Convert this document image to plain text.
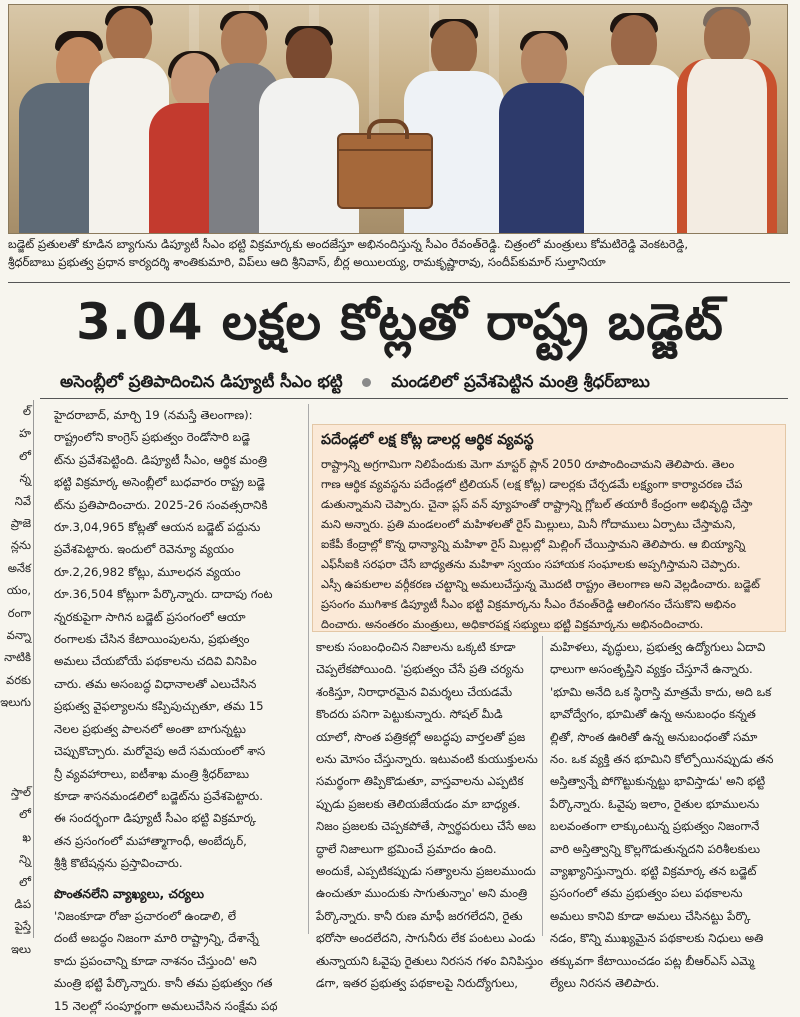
బడ్జెట్ ప్రతులతో కూడిన బ్యాగును డిప్యూటీ సీఎం భట్టి విక్రమార్కకు అందజేస్తూ అభినందిస్తున్న సీఎం రేవంత్‌రెడ్డి. చిత్రంలో మంత్రులు కోమటిరెడ్డి వెంకటరెడ్డి,
శ్రీధర్‌బాబు ప్రభుత్వ ప్రధాన కార్యదర్శి శాంతికుమారి, విప్‌లు ఆది శ్రీనివాస్, బీర్ల అయిలయ్య, రామకృష్ణారావు, సందీప్‌కుమార్ సుల్తానియా
3.04 లక్షల కోట్లతో రాష్ట్ర బడ్జెట్
అసెంబ్లీలో ప్రతిపాదించిన డిప్యూటీ సీఎం భట్టి	మండలిలో ప్రవేశపెట్టిన మంత్రి శ్రీధర్‌బాబు
ల్
హ
లో
న్న
నివే
ప్రాజె
న్లను
అనేక
యం,
రంగా
వన్నా
నాటికి
వరకు
ఇలుగు

స్తాల్
లో
ఖ
న్ని
లో
డిప
పైస్తే
ఇలు
హైదరాబాద్, మార్చి 19 (నమస్తే తెలంగాణ):
రాష్ట్రంలోని కాంగ్రెస్ ప్రభుత్వం రెండోసారి బడ్జె
ట్‌ను ప్రవేశపెట్టింది. డిప్యూటీ సీఎం, ఆర్థిక మంత్రి
భట్టి విక్రమార్క అసెంబ్లీలో బుధవారం రాష్ట్ర బడ్జె
ట్‌ను ప్రతిపాదించారు. 2025-26 సంవత్సరానికి
రూ.3,04,965 కోట్లతో ఆయన బడ్జెట్ పద్దును
ప్రవేశపెట్టారు. ఇందులో రెవెన్యూ వ్యయం
రూ.2,26,982 కోట్లు, మూలధన వ్యయం
రూ.36,504 కోట్లుగా పేర్కొన్నారు. దాదాపు గంట
న్నరకుపైగా సాగిన బడ్జెట్ ప్రసంగంలో ఆయా
రంగాలకు చేసిన కేటాయింపులను, ప్రభుత్వం
అమలు చేయబోయే పథకాలను చదివి వినిపిం
చారు. తమ అసంబద్ధ విధానాలతో ఎలుచేసిన
ప్రభుత్వ వైఫల్యాలను కప్పిపుచ్చుతూ, తమ 15
నెలల ప్రభుత్వ పాలనలో అంతా బాగున్నట్టు
చెప్పుకొచ్చారు. మరోవైపు అదే సమయంలో శాస
న్రీ వ్యవహారాలు, ఐటీశాఖ మంత్రి శ్రీధర్‌బాబు
కూడా శాసనమండలిలో బడ్జెట్‌ను ప్రవేశపెట్టారు.
ఈ సందర్భంగా డిప్యూటీ సీఎం భట్టి విక్రమార్క
తన ప్రసంగంలో మహాత్మాగాంధీ, అంబేద్కర్,
శ్రీశ్రీ కొటేషన్లను ప్రస్తావించారు.
పొంతనలేని వ్యాఖ్యలు, చర్యలు
'నిజంకూడా రోజా ప్రచారంలో ఉండాలి, లే
దంటే అబద్ధం నిజంగా మారి రాష్ట్రాన్ని, దేశాన్నే
కాదు ప్రపంచాన్ని కూడా నాశనం చేస్తుంది' అని
మంత్రి భట్టి పేర్కొన్నారు. కానీ తమ ప్రభుత్వం గత
15 నెలల్లో సంపూర్ణంగా అమలుచేసిన సంక్షేమ పథ
పదేండ్లలో లక్ష కోట్ల డాలర్ల ఆర్థిక వ్యవస్థ
రాష్ట్రాన్ని అగ్రగామిగా నిలిపేందుకు మెగా మాస్టర్ ప్లాన్ 2050 రూపొందించామని తెలిపారు. తెలం
గాణ ఆర్థిక వ్యవస్థను పదేండ్లలో ట్రిలియన్ (లక్ష కోట్ల) డాలర్లకు చేర్చడమే లక్ష్యంగా కార్యాచరణ చేప
డుతున్నామని చెప్పారు. చైనా ప్లస్ వన్ వ్యూహంతో రాష్ట్రాన్ని గ్లోబల్ తయారీ కేంద్రంగా అభివృద్ధి చేస్తా
మని అన్నారు. ప్రతి మండలంలో మహిళలతో రైస్ మిల్లులు, మినీ గోదాములు ఏర్పాటు చేస్తామని,
ఐకేపీ కేంద్రాల్లో కొన్న ధాన్యాన్ని మహిళా రైస్ మిల్లుల్లో మిల్లింగ్ చేయిస్తామని తెలిపారు. ఆ బియ్యాన్ని
ఎఫ్‌సీఐకి సరఫరా చేసే బాధ్యతను మహిళా స్వయం సహాయక సంఘాలకు అప్పగిస్తామని చెప్పారు.
ఎస్సీ ఉపకులాల వర్గీకరణ చట్టాన్ని అమలుచేస్తున్న మొదటి రాష్ట్రం తెలంగాణ అని వెల్లడించారు. బడ్జెట్
ప్రసంగం ముగిశాక డిప్యూటీ సీఎం భట్టి విక్రమార్కను సీఎం రేవంత్‌రెడ్డి ఆలింగనం చేసుకొని అభినం
దించారు. అనంతరం మంత్రులు, అధికారపక్ష సభ్యులు భట్టి విక్రమార్కను అభినందించారు.
కాలకు సంబంధించిన నిజాలను ఒక్కటి కూడా
చెప్పలేకపోయింది. 'ప్రభుత్వం చేసే ప్రతి చర్యను
శంకిస్తూ, నిరాధారమైన విమర్శలు చేయడమే
కొందరు పనిగా పెట్టుకున్నారు. సోషల్ మీడి
యాలో, సొంత పత్రికల్లో అబద్ధపు వార్తలతో ప్రజ
లను మోసం చేస్తున్నారు. ఇటువంటి కుయుక్తులను
సమర్థంగా తిప్పికొడుతూ, వాస్తవాలను ఎప్పటిక
ప్పుడు ప్రజలకు తెలియజేయడం మా బాధ్యత.
నిజం ప్రజలకు చెప్పకపోతే, స్వార్థపరులు చేసే అబ
ద్ధాలే నిజాలుగా భ్రమించే ప్రమాదం ఉంది.
అందుకే, ఎప్పటికప్పుడు సత్యాలను ప్రజలముందు
ఉంచుతూ ముందుకు సాగుతున్నాం' అని మంత్రి
పేర్కొన్నారు. కానీ రుణ మాఫీ జరగలేదని, రైతు
భరోసా అందలేదని, సాగునీరు లేక పంటలు ఎండు
తున్నాయని ఓవైపు రైతులు నిరసన గళం వినిపిస్తుం
డగా, ఇతర ప్రభుత్వ పథకాలపై నిరుద్యోగులు,
మహిళలు, వృద్ధులు, ప్రభుత్వ ఉద్యోగులు ఏదావి
ధాలుగా అసంతృప్తిని వ్యక్తం చేస్తూనే ఉన్నారు.
'భూమి అనేది ఒక స్థిరాస్తి మాత్రమే కాదు, అది ఒక
భావోద్వేగం, భూమితో ఉన్న అనుబంధం కన్నత
ల్లితో, సొంత ఊరితో ఉన్న అనుబంధంతో సమా
నం. ఒక వ్యక్తి తన భూమిని కోల్పోయినప్పుడు తన
అస్తిత్వాన్నే పోగొట్టుకున్నట్టు భావిస్తాడు' అని భట్టి
పేర్కొన్నారు. ఓవైపు ఇలాం, రైతుల భూములను
బలవంతంగా లాక్కుంటున్న ప్రభుత్వం నిజంగానే
వారి అస్తిత్వాన్ని కొల్లగొడుతున్నదని పరిశీలకులు
వ్యాఖ్యానిస్తున్నారు. భట్టి విక్రమార్క తన బడ్జెట్
ప్రసంగంలో తమ ప్రభుత్వం పలు పథకాలను
అమలు కానివి కూడా అమలు చేసినట్టు పేర్కొ
నడం, కొన్ని ముఖ్యమైన పథకాలకు నిధులు అతి
తక్కువగా కేటాయించడం పట్ల బీఆర్‌ఎస్ ఎమ్మె
ల్యేలు నిరసన తెలిపారు.
